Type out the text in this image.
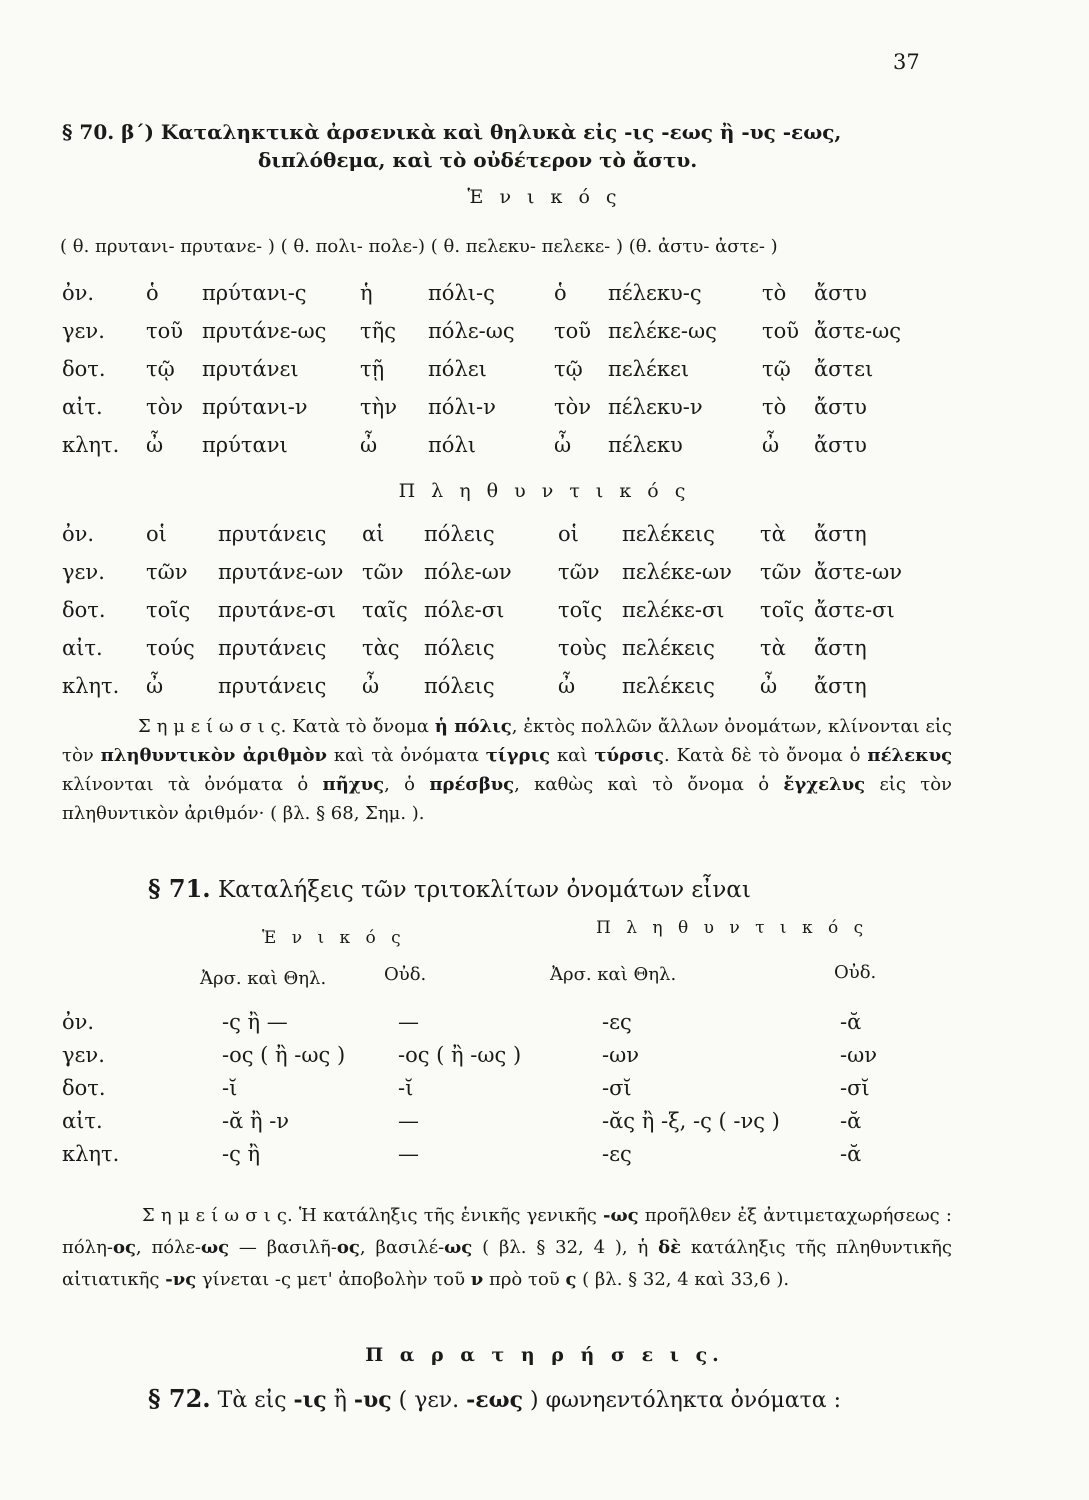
37
§ 70. β΄) Καταληκτικὰ ἀρσενικὰ καὶ θηλυκὰ εἰς -ις -εως ἢ -υς -εως,
διπλόθεμα, καὶ τὸ οὐδέτερον τὸ ἄστυ.
Ἑ ν ι κ ό ς
( θ. πρυτανι- πρυτανε- ) ( θ. πολι- πολε-) ( θ. πελεκυ- πελεκε- ) (θ. ἀστυ- ἀστε- )
ὀν. ὁ πρύτανι-ς	ἡ	πόλι-ς	ὁ πέλεκυ-ς	τὸ ἄστυ
γεν. τοῦ πρυτάνε-ως τῆς πόλε-ως τοῦ πελέκε-ως τοῦ ἄστε-ως
δοτ. τῷ πρυτάνει	τῇ πόλει	τῷ πελέκει	τῷ ἄστει
αἰτ. τὸν πρύτανι-ν τὴν πόλι-ν	τὸν πέλεκυ-ν	τὸ ἄστυ
κλητ. ὦ πρύτανι	ὦ πόλι	ὦ πέλεκυ	ὦ ἄστυ
Π λ η θ υ ν τ ι κ ό ς
ὀν. οἱ πρυτάνεις αἱ πόλεις	οἱ πελέκεις τὰ ἄστη
γεν. τῶν πρυτάνε-ων τῶν πόλε-ων τῶν πελέκε-ων τῶν ἄστε-ων
δοτ. τοῖς πρυτάνε-σι ταῖς πόλε-σι	τοῖς πελέκε-σι τοῖς ἄστε-σι
αἰτ. τούς πρυτάνεις τὰς πόλεις	τοὺς πελέκεις τὰ ἄστη
κλητ. ὦ	πρυτάνεις ὦ πόλεις	ὦ πελέκεις ὦ ἄστη
Σ η μ ε ί ω σ ι ς. Κατὰ τὸ ὄνομα ἡ πόλις, ἐκτὸς πολλῶν ἄλλων ὀνομάτων, κλίνονται εἰς τὸν πληθυντικὸν ἀριθμὸν καὶ τὰ ὀνόματα τίγρις καὶ τύρσις. Κατὰ δὲ τὸ ὄνομα ὁ πέλεκυς κλίνονται τὰ ὀνόματα ὁ πῆχυς, ὁ πρέσβυς, καθὼς καὶ τὸ ὄνομα ὁ ἔγχελυς εἰς τὸν πληθυντικὸν ἀριθμόν· ( βλ. § 68, Σημ. ).
§ 71. Καταλήξεις τῶν τριτοκλίτων ὀνομάτων εἶναι
Ἑ ν ι κ ό ς	Π λ η θ υ ν τ ι κ ό ς
Ἀρσ. καὶ Θηλ.	Οὐδ.	Ἀρσ. καὶ Θηλ.	Οὐδ.
ὀν.	-ς ἢ —	—	-ες	-ᾰ
γεν.	-ος ( ἢ -ως )	-ος ( ἢ -ως )	-ων	-ων
δοτ.	-ῐ	-ῐ	-σῐ	-σῐ
αἰτ.	-ᾰ ἢ -ν	—	-ᾰς ἢ -ξ, -ς ( -νς )	-ᾰ
κλητ.	-ς ἢ	—	-ες	-ᾰ
Σ η μ ε ί ω σ ι ς. Ἡ κατάληξις τῆς ἑνικῆς γενικῆς -ως προῆλθεν ἐξ ἀντιμεταχωρήσεως : πόλη-ος, πόλε-ως — βασιλῆ-ος, βασιλέ-ως ( βλ. § 32, 4 ), ἡ δὲ κατάληξις τῆς πληθυντικῆς αἰτιατικῆς -νς γίνεται -ς μετ' ἀποβολὴν τοῦ ν πρὸ τοῦ ς ( βλ. § 32, 4 καὶ 33,6 ).
Π α ρ α τ η ρ ή σ ε ι ς.
§ 72. Τὰ εἰς -ις ἢ -υς ( γεν. -εως ) φωνηεντόληκτα ὀνόματα :
